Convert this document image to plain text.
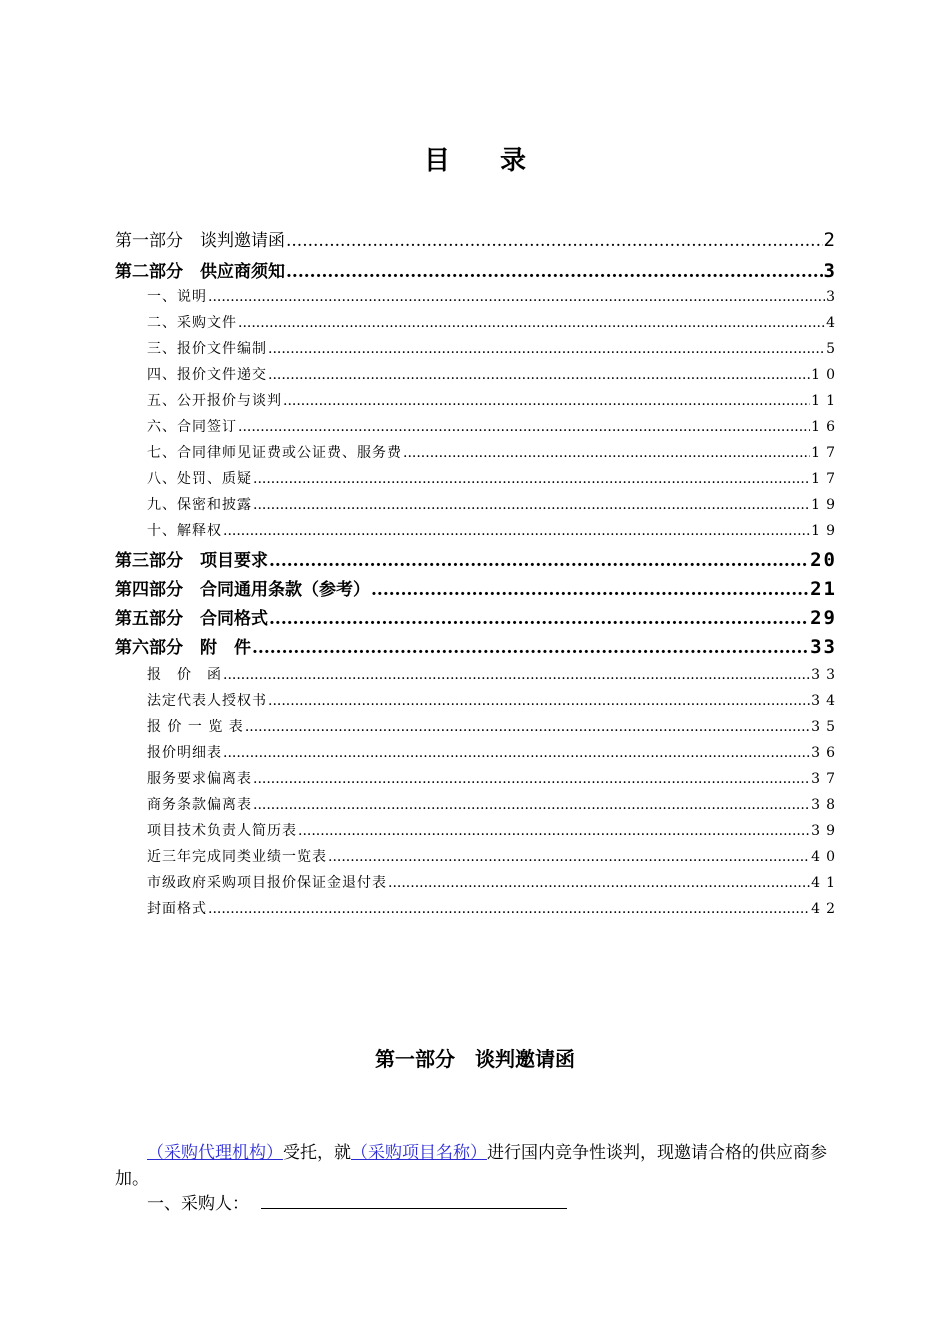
目 录
第一部分　谈判邀请函 .....	2
第二部分　供应商须知 .....	3
一、说明 .....	3
二、采购文件 .....	4
三、报价文件编制 .....	5
四、报价文件递交 .....	10
五、公开报价与谈判 .....	11
六、合同签订 .....	16
七、合同律师见证费或公证费、服务费 .....	17
八、处罚、质疑 .....	17
九、保密和披露 .....	19
十、解释权 .....	19
第三部分　项目要求 .....	20
第四部分　合同通用条款（参考） .....	21
第五部分　合同格式 .....	29
第六部分　附　件 .....	33
报　价　函 .....	33
法定代表人授权书 .....	34
报 价 一 览 表 .....	35
报价明细表 .....	36
服务要求偏离表 .....	37
商务条款偏离表 .....	38
项目技术负责人简历表 .....	39
近三年完成同类业绩一览表 .....	40
市级政府采购项目报价保证金退付表 .....	41
封面格式 .....	42
第一部分　谈判邀请函
（采购代理机构）受托，就（采购项目名称）进行国内竞争性谈判，现邀请合格的供应商参加。
一、采购人：
